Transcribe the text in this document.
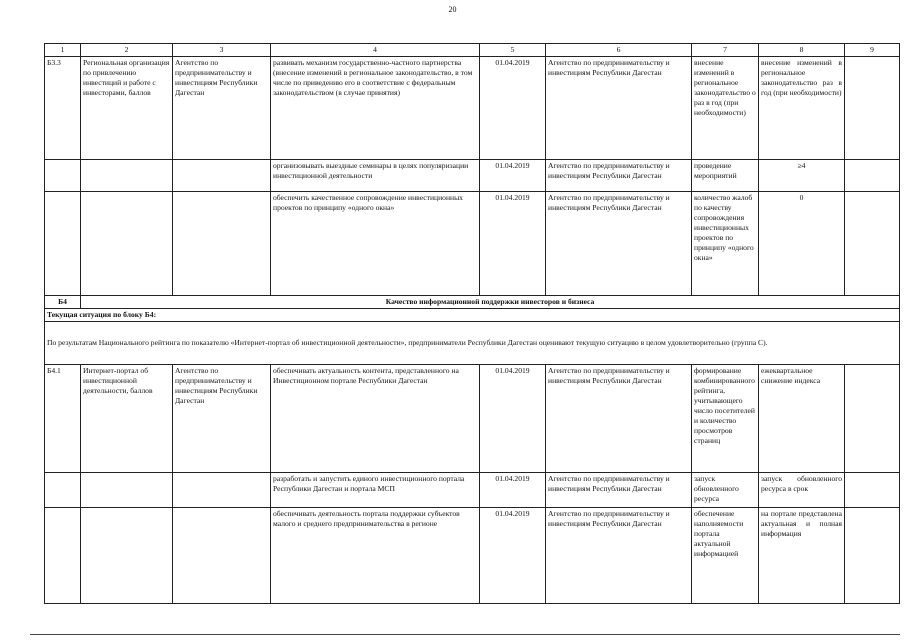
20
1	2	3	4	5	6	7	8	9
Б3.3	Региональная организация по привлечению инвестиций и работе с инвесторами, баллов	Агентство по предпринимательству и инвестициям Республики Дагестан	развивать механизм государственно-частного партнерства (внесение изменений в региональное законодательство, в том числе по приведению его в соответствие с федеральным законодательством (в случае принятия)	01.04.2019	Агентство по предпринимательству и инвестициям Республики Дагестан	внесение изменений в региональное законодательство о раз в год (при необходимости)	внесение изменений в региональное законодательство раз в год (при необходимости)	
			организовывать выездные семинары в целях популяризации инвестиционной деятельности	01.04.2019	Агентство по предпринимательству и инвестициям Республики Дагестан	проведение мероприятий	≥4	
			обеспечить качественное сопровождение инвестиционных проектов по принципу «одного окна»	01.04.2019	Агентство по предпринимательству и инвестициям Республики Дагестан	количество жалоб по качеству сопровождения инвестиционных проектов по принципу «одного окна»	0	
Б4	Качество информационной поддержки инвесторов и бизнеса							
Текущая ситуация по блоку Б4:								
По результатам Национального рейтинга по показателю «Интернет-портал об инвестиционной деятельности», предприниматели Республики Дагестан оценивают текущую ситуацию в целом удовлетворительно (группа С).								
Б4.1	Интернет-портал об инвестиционной деятельности, баллов	Агентство по предпринимательству и инвестициям Республики Дагестан	обеспечивать актуальность контента, представленного на Инвестиционном портале Республики Дагестан	01.04.2019	Агентство по предпринимательству и инвестициям Республики Дагестан	формирование комбинированного рейтинга, учитывающего число посетителей и количество просмотров страниц	ежеквартальное снижение индекса	
			разработать и запустить единого инвестиционного портала Республики Дагестан и портала МСП	01.04.2019	Агентство по предпринимательству и инвестициям Республики Дагестан	запуск обновленного ресурса	запуск обновленного ресурса в срок	
			обеспечивать деятельность портала поддержки субъектов малого и среднего предпринимательства в регионе	01.04.2019	Агентство по предпринимательству и инвестициям Республики Дагестан	обеспечение наполняемости портала актуальной информацией	на портале представлена актуальная и полная информация	
